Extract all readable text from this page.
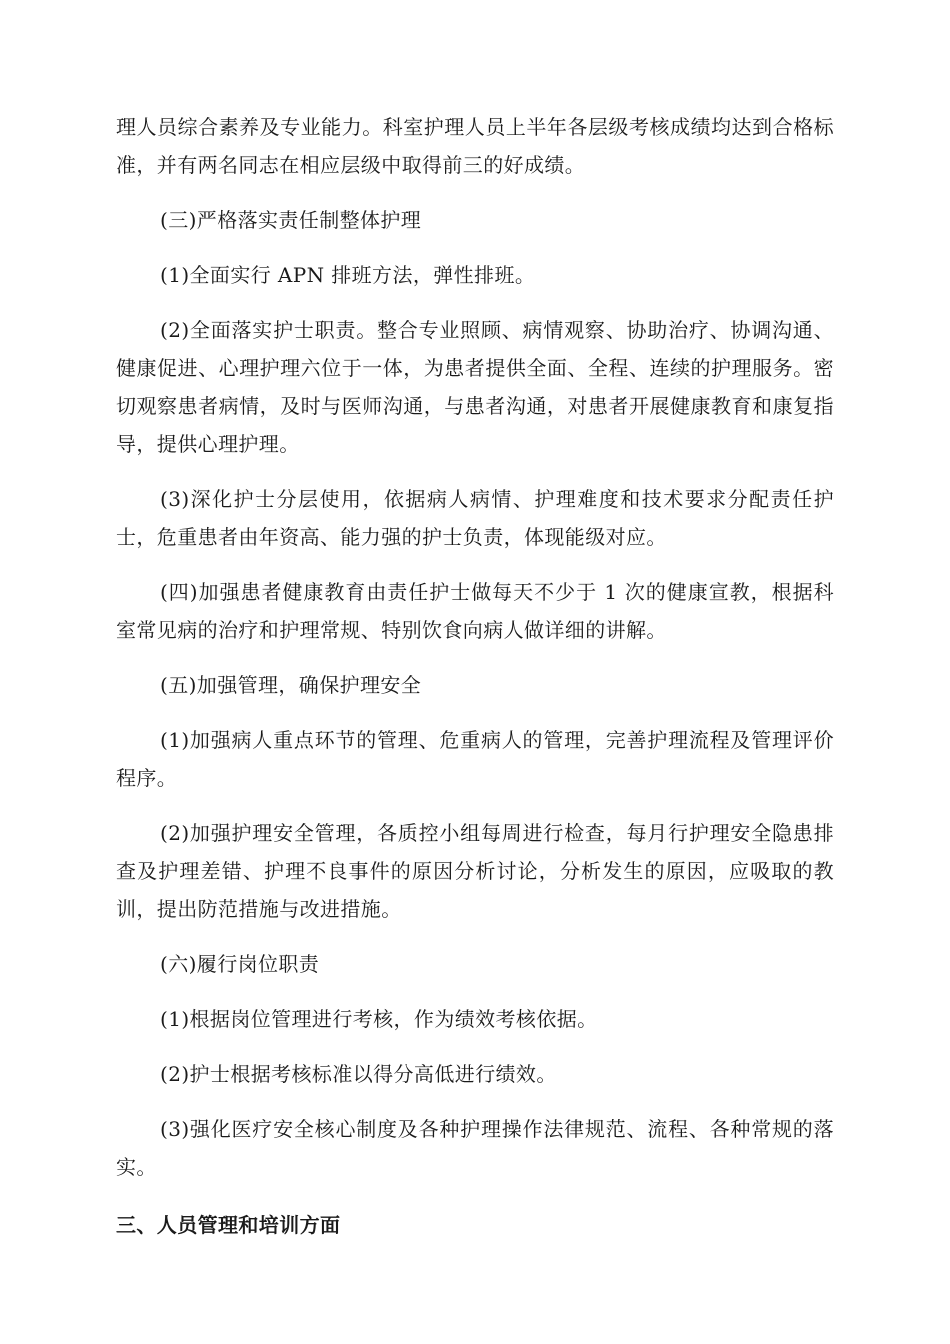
理人员综合素养及专业能力。科室护理人员上半年各层级考核成绩均达到合格标准，并有两名同志在相应层级中取得前三的好成绩。

(三)严格落实责任制整体护理

(1)全面实行 APN 排班方法，弹性排班。

(2)全面落实护士职责。整合专业照顾、病情观察、协助治疗、协调沟通、健康促进、心理护理六位于一体，为患者提供全面、全程、连续的护理服务。密切观察患者病情，及时与医师沟通，与患者沟通，对患者开展健康教育和康复指导，提供心理护理。

(3)深化护士分层使用，依据病人病情、护理难度和技术要求分配责任护士，危重患者由年资高、能力强的护士负责，体现能级对应。

(四)加强患者健康教育由责任护士做每天不少于 1 次的健康宣教，根据科室常见病的治疗和护理常规、特别饮食向病人做详细的讲解。

(五)加强管理，确保护理安全

(1)加强病人重点环节的管理、危重病人的管理，完善护理流程及管理评价程序。

(2)加强护理安全管理，各质控小组每周进行检查，每月行护理安全隐患排查及护理差错、护理不良事件的原因分析讨论，分析发生的原因，应吸取的教训，提出防范措施与改进措施。

(六)履行岗位职责

(1)根据岗位管理进行考核，作为绩效考核依据。

(2)护士根据考核标准以得分高低进行绩效。

(3)强化医疗安全核心制度及各种护理操作法律规范、流程、各种常规的落实。

三、人员管理和培训方面
